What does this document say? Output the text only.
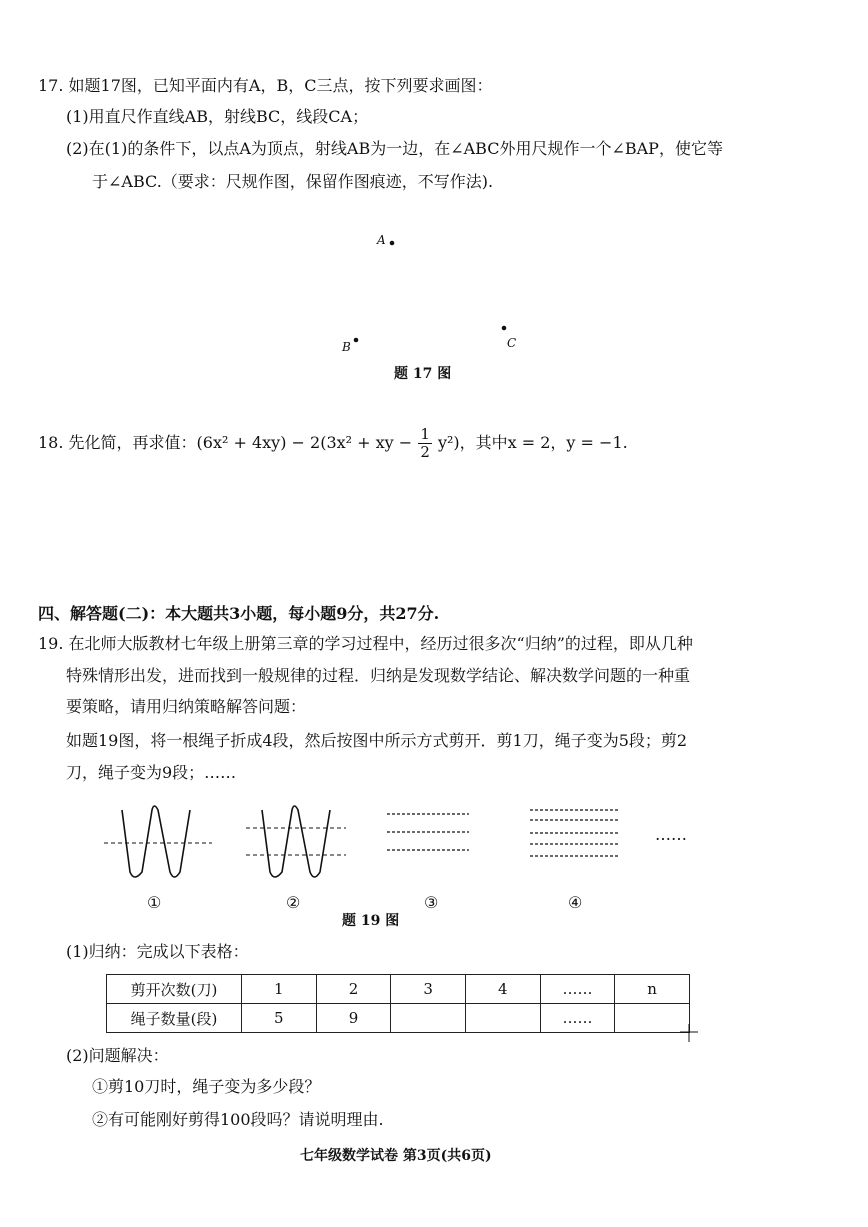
17. 如题17图，已知平面内有A，B，C三点，按下列要求画图：
(1)用直尺作直线AB，射线BC，线段CA；
(2)在(1)的条件下，以点A为顶点，射线AB为一边，在∠ABC外用尺规作一个∠BAP，使它等
于∠ABC.（要求：尺规作图，保留作图痕迹，不写作法).
A
B	C
题 17 图
18. 先化简，再求值：(6x² + 4xy) − 2(3x² + xy − $\frac{1}{2} y^2$)，其中x = 2，y = −1.
四、解答题(二)：本大题共3小题，每小题9分，共27分.
19. 在北师大版教材七年级上册第三章的学习过程中，经历过很多次“归纳”的过程，即从几种
特殊情形出发，进而找到一般规律的过程．归纳是发现数学结论、解决数学问题的一种重
要策略，请用归纳策略解答问题：
如题19图，将一根绳子折成4段，然后按图中所示方式剪开．剪1刀，绳子变为5段；剪2
刀，绳子变为9段；……
……
①	②	③	④
题 19 图
(1)归纳：完成以下表格：
剪开次数(刀)	1	2	3	4	……	n
绳子数量(段)	5	9			……	
(2)问题解决：
①剪10刀时，绳子变为多少段？
②有可能刚好剪得100段吗？请说明理由.
七年级数学试卷 第3页(共6页)
